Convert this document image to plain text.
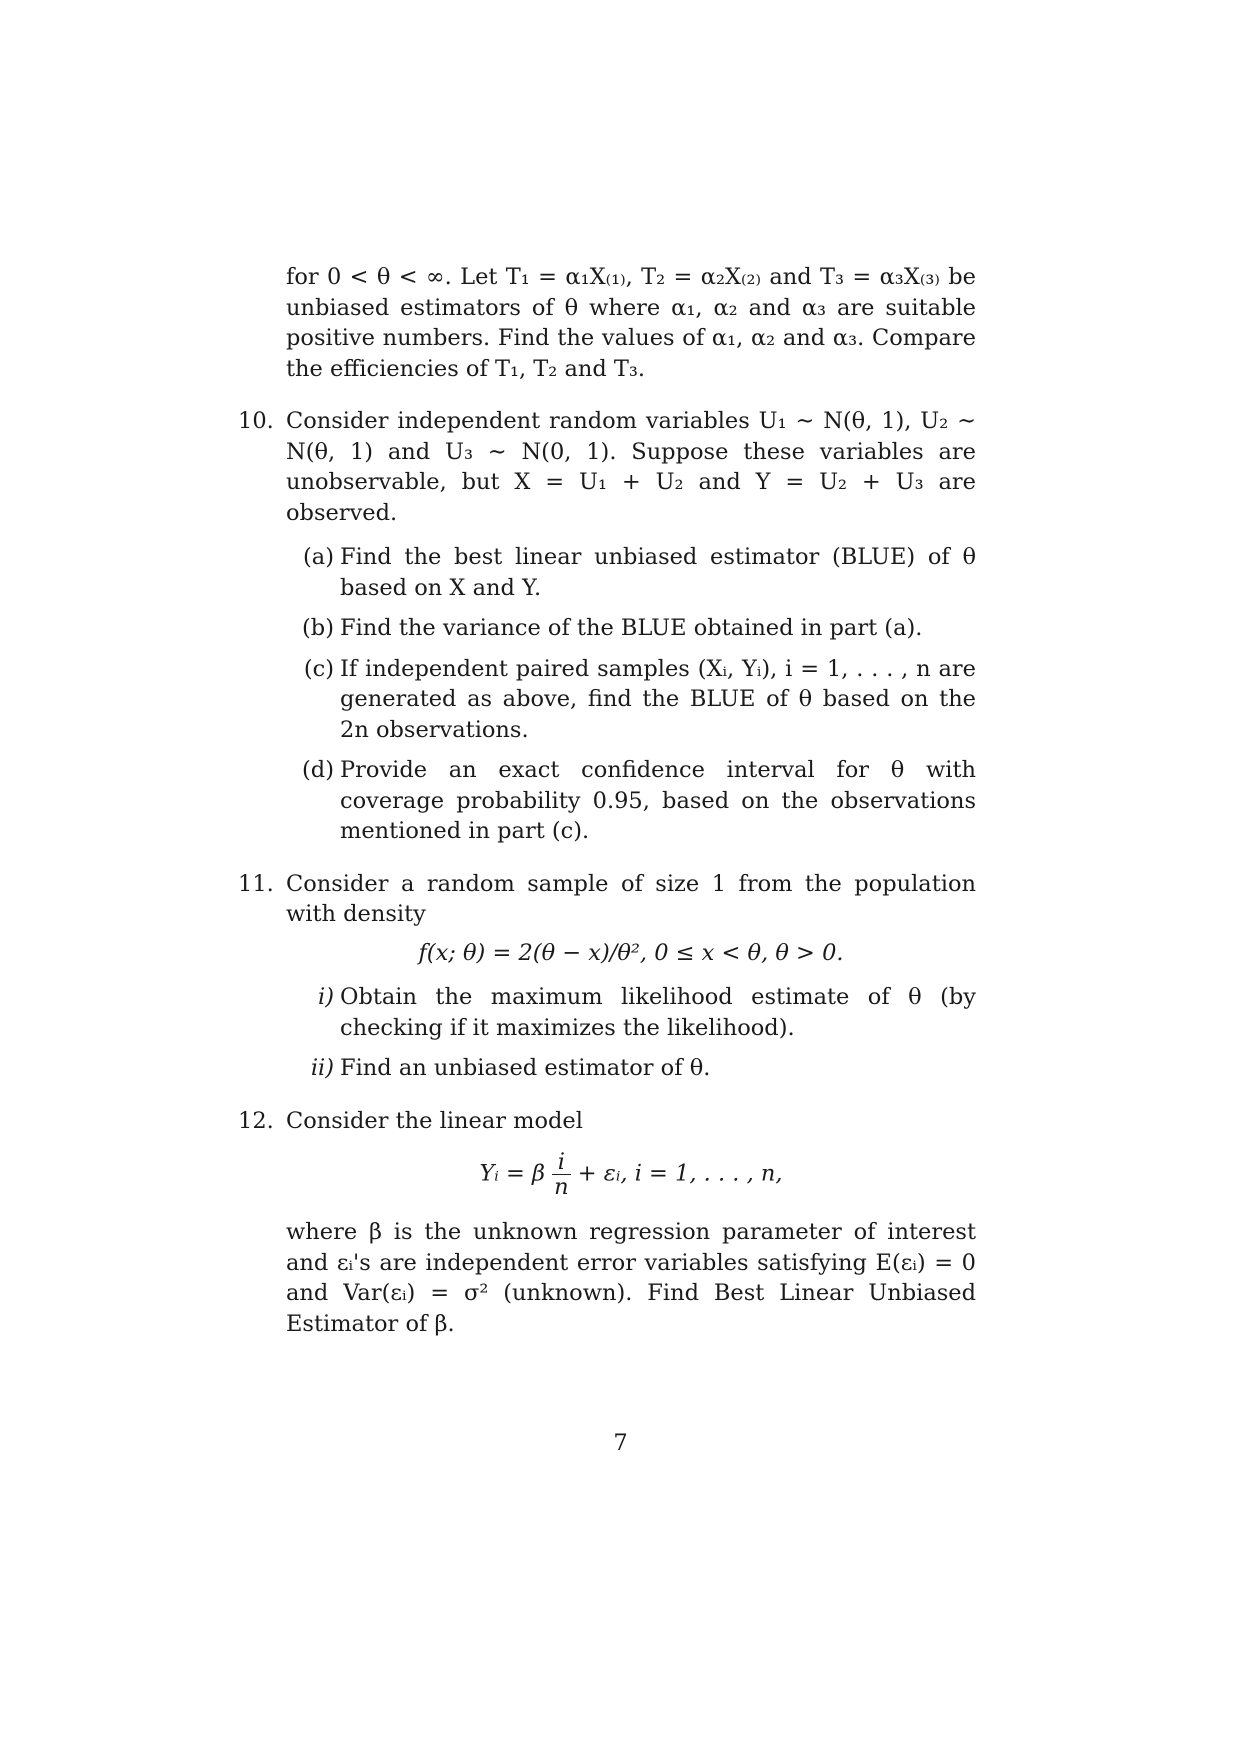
for 0 < θ < ∞. Let T₁ = α₁X₍₁₎, T₂ = α₂X₍₂₎ and T₃ = α₃X₍₃₎ be unbiased estimators of θ where α₁, α₂ and α₃ are suitable positive numbers. Find the values of α₁, α₂ and α₃. Compare the efficiencies of T₁, T₂ and T₃.

10. Consider independent random variables U₁ ∼ N(θ, 1), U₂ ∼ N(θ, 1) and U₃ ∼ N(0, 1). Suppose these variables are unobservable, but X = U₁ + U₂ and Y = U₂ + U₃ are observed.

(a) Find the best linear unbiased estimator (BLUE) of θ based on X and Y.

(b) Find the variance of the BLUE obtained in part (a).

(c) If independent paired samples (Xᵢ, Yᵢ), i = 1, . . . , n are generated as above, find the BLUE of θ based on the 2n observations.

(d) Provide an exact confidence interval for θ with coverage probability 0.95, based on the observations mentioned in part (c).

11. Consider a random sample of size 1 from the population with density

f(x; θ) = 2(θ − x)/θ², 0 ≤ x < θ, θ > 0.
i) Obtain the maximum likelihood estimate of θ (by checking if it maximizes the likelihood).

ii) Find an unbiased estimator of θ.

12. Consider the linear model

Yᵢ = β $\frac{i}{n}$ + εᵢ, i = 1, . . . , n,

where β is the unknown regression parameter of interest and εᵢ's are independent error variables satisfying E(εᵢ) = 0 and Var(εᵢ) = σ² (unknown). Find Best Linear Unbiased Estimator of β.

7
